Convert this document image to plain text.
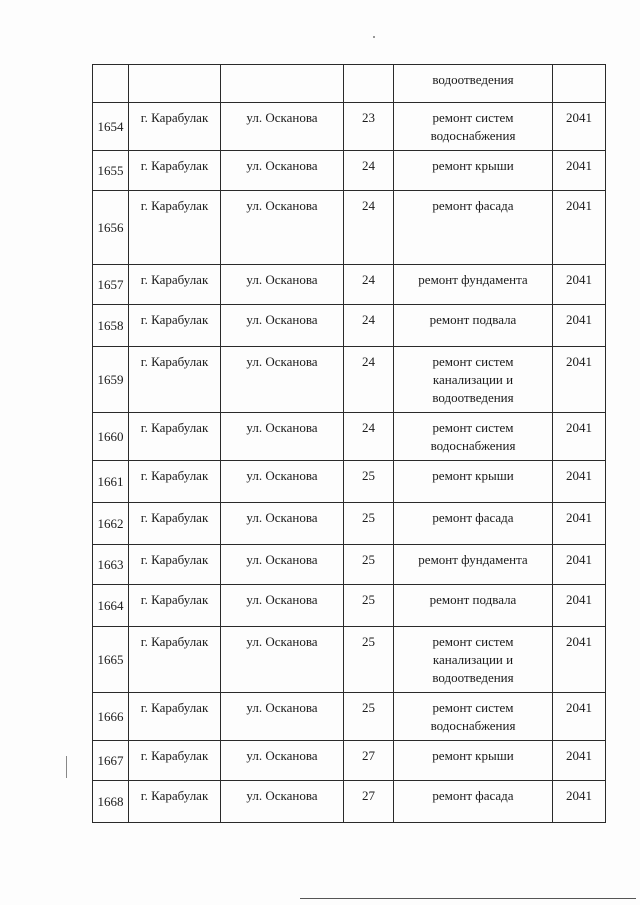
				водоотведения	
1654	г. Карабулак	ул. Осканова	23	ремонт систем водоснабжения	2041
1655	г. Карабулак	ул. Осканова	24	ремонт крыши	2041
1656	г. Карабулак	ул. Осканова	24	ремонт фасада	2041
1657	г. Карабулак	ул. Осканова	24	ремонт фундамента	2041
1658	г. Карабулак	ул. Осканова	24	ремонт подвала	2041
1659	г. Карабулак	ул. Осканова	24	ремонт систем канализации и водоотведения	2041
1660	г. Карабулак	ул. Осканова	24	ремонт систем водоснабжения	2041
1661	г. Карабулак	ул. Осканова	25	ремонт крыши	2041
1662	г. Карабулак	ул. Осканова	25	ремонт фасада	2041
1663	г. Карабулак	ул. Осканова	25	ремонт фундамента	2041
1664	г. Карабулак	ул. Осканова	25	ремонт подвала	2041
1665	г. Карабулак	ул. Осканова	25	ремонт систем канализации и водоотведения	2041
1666	г. Карабулак	ул. Осканова	25	ремонт систем водоснабжения	2041
1667	г. Карабулак	ул. Осканова	27	ремонт крыши	2041
1668	г. Карабулак	ул. Осканова	27	ремонт фасада	2041
